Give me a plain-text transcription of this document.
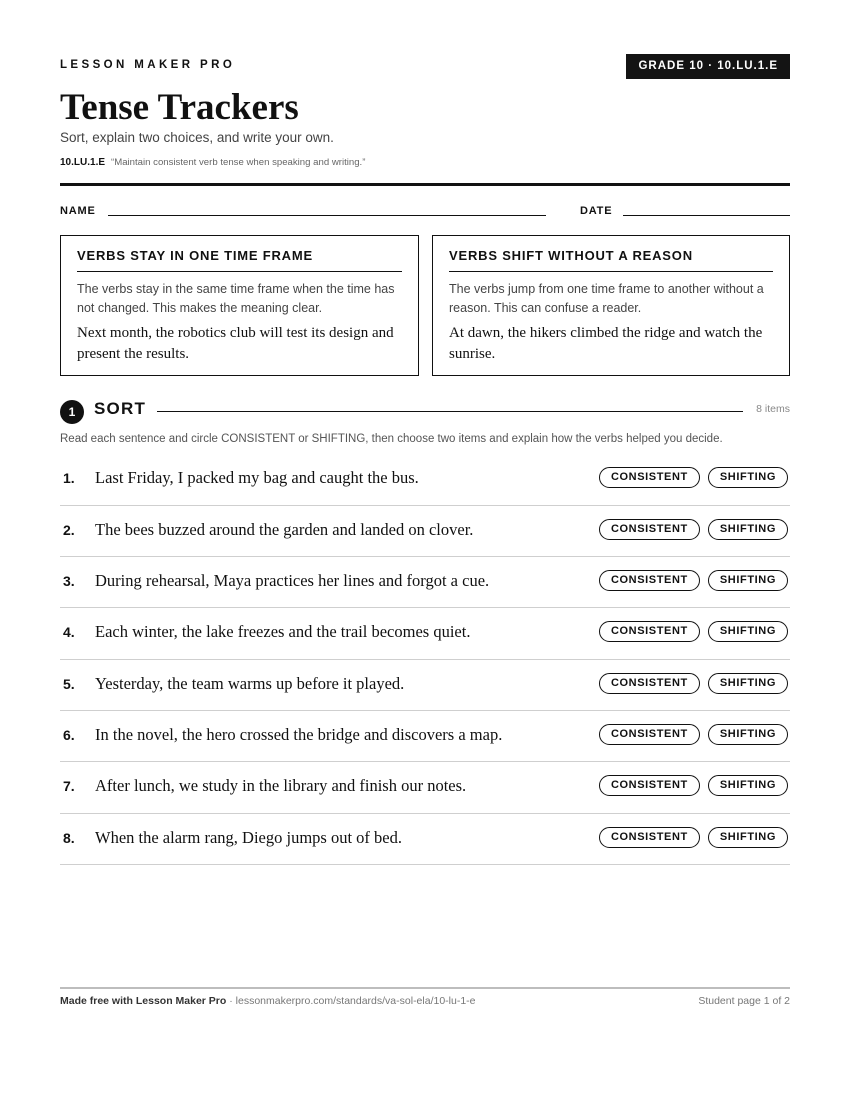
LESSON MAKER PRO	GRADE 10 · 10.LU.1.E
Tense Trackers
Sort, explain two choices, and write your own.
10.LU.1.E “Maintain consistent verb tense when speaking and writing.”
NAME	DATE
VERBS STAY IN ONE TIME FRAME
The verbs stay in the same time frame when the time has not changed. This makes the meaning clear.
Next month, the robotics club will test its design and present the results.
VERBS SHIFT WITHOUT A REASON
The verbs jump from one time frame to another without a reason. This can confuse a reader.
At dawn, the hikers climbed the ridge and watch the sunrise.
1	SORT	8 items
Read each sentence and circle CONSISTENT or SHIFTING, then choose two items and explain how the verbs helped you decide.
1. Last Friday, I packed my bag and caught the bus.	CONSISTENT	SHIFTING
2. The bees buzzed around the garden and landed on clover.	CONSISTENT	SHIFTING
3. During rehearsal, Maya practices her lines and forgot a cue.	CONSISTENT	SHIFTING
4. Each winter, the lake freezes and the trail becomes quiet.	CONSISTENT	SHIFTING
5. Yesterday, the team warms up before it played.	CONSISTENT	SHIFTING
6. In the novel, the hero crossed the bridge and discovers a map.	CONSISTENT	SHIFTING
7. After lunch, we study in the library and finish our notes.	CONSISTENT	SHIFTING
8. When the alarm rang, Diego jumps out of bed.	CONSISTENT	SHIFTING
Made free with Lesson Maker Pro · lessonmakerpro.com/standards/va-sol-ela/10-lu-1-e	Student page 1 of 2
